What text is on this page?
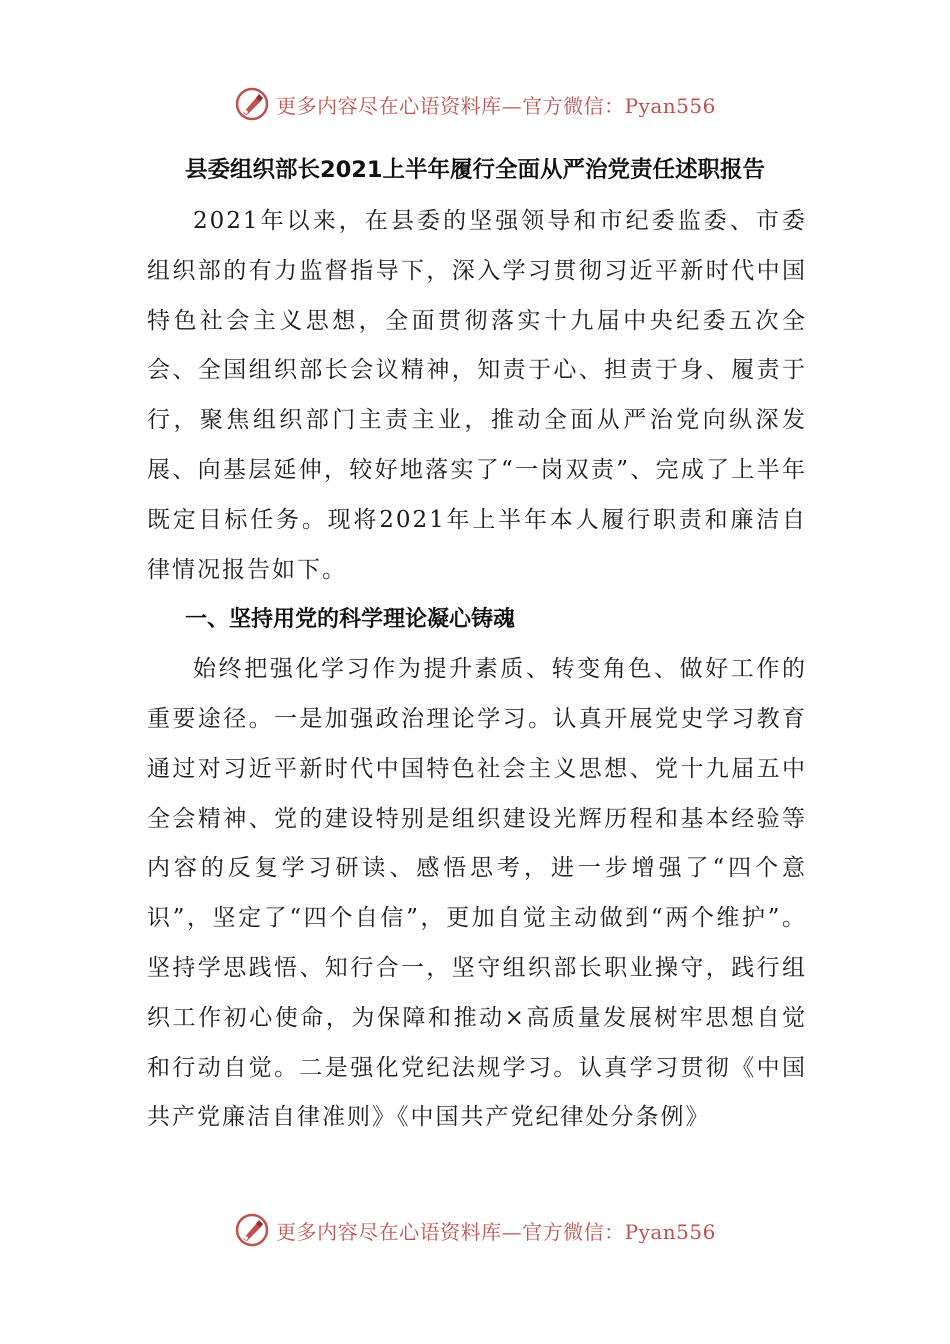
更多内容尽在心语资料库—官方微信：Pyan556
县委组织部长2021上半年履行全面从严治党责任述职报告

2021年以来，在县委的坚强领导和市纪委监委、市委组织部的有力监督指导下，深入学习贯彻习近平新时代中国特色社会主义思想，全面贯彻落实十九届中央纪委五次全会、全国组织部长会议精神，知责于心、担责于身、履责于行，聚焦组织部门主责主业，推动全面从严治党向纵深发展、向基层延伸，较好地落实了“一岗双责”、完成了上半年既定目标任务。现将2021年上半年本人履行职责和廉洁自律情况报告如下。

一、坚持用党的科学理论凝心铸魂

始终把强化学习作为提升素质、转变角色、做好工作的重要途径。一是加强政治理论学习。认真开展党史学习教育通过对习近平新时代中国特色社会主义思想、党十九届五中全会精神、党的建设特别是组织建设光辉历程和基本经验等内容的反复学习研读、感悟思考，进一步增强了“四个意识”，坚定了“四个自信”，更加自觉主动做到“两个维护”。坚持学思践悟、知行合一，坚守组织部长职业操守，践行组织工作初心使命，为保障和推动×高质量发展树牢思想自觉和行动自觉。二是强化党纪法规学习。认真学习贯彻《中国共产党廉洁自律准则》《中国共产党纪律处分条例》

更多内容尽在心语资料库—官方微信：Pyan556
